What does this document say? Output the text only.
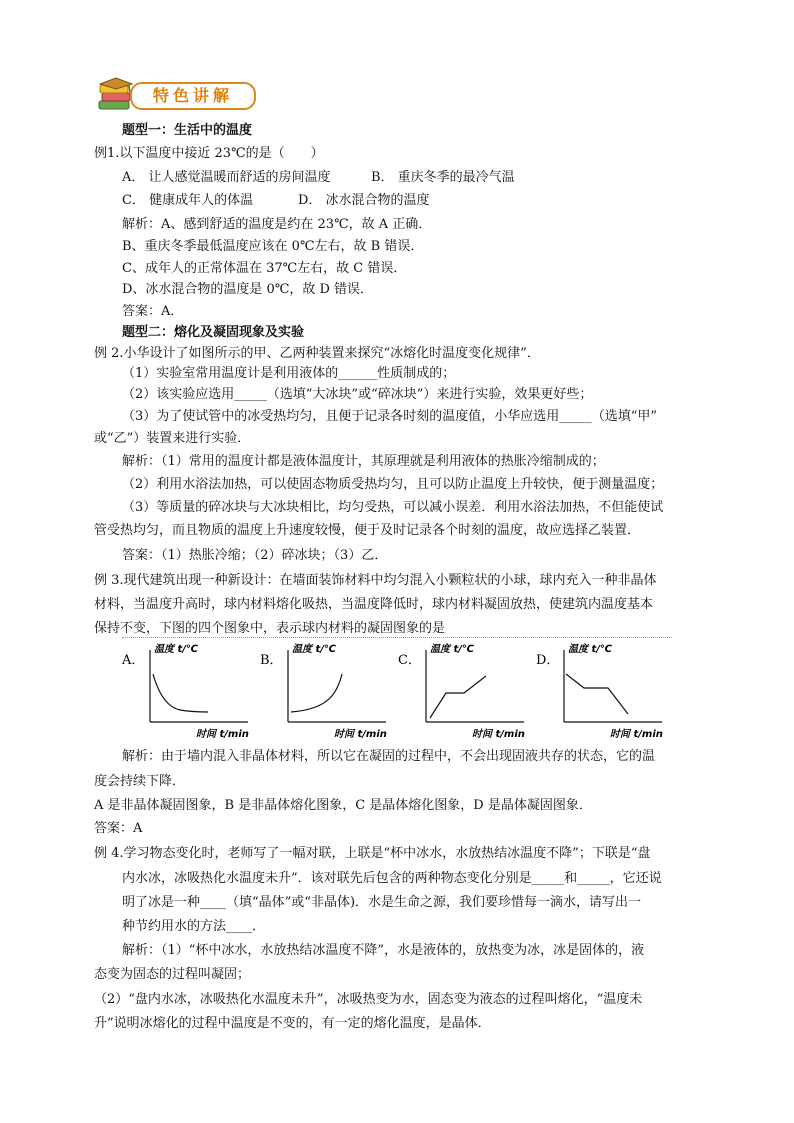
特色讲解
题型一：生活中的温度
例1.以下温度中接近 23℃的是（　　）
A． 让人感觉温暖而舒适的房间温度	B． 重庆冬季的最冷气温
C． 健康成年人的体温	D． 冰水混合物的温度
解析：A、感到舒适的温度是约在 23℃，故 A 正确．
B、重庆冬季最低温度应该在 0℃左右，故 B 错误．
C、成年人的正常体温在 37℃左右，故 C 错误．
D、冰水混合物的温度是 0℃，故 D 错误．
答案：A．
题型二：熔化及凝固现象及实验
例 2.小华设计了如图所示的甲、乙两种装置来探究“冰熔化时温度变化规律”．
（1）实验室常用温度计是利用液体的______性质制成的；
（2）该实验应选用_____（选填“大冰块”或“碎冰块”）来进行实验，效果更好些；
（3）为了使试管中的冰受热均匀，且便于记录各时刻的温度值，小华应选用_____（选填“甲”
或“乙”）装置来进行实验．
解析：（1）常用的温度计都是液体温度计，其原理就是利用液体的热胀冷缩制成的；
（2）利用水浴法加热，可以使固态物质受热均匀，且可以防止温度上升较快，便于测量温度；
（3）等质量的碎冰块与大冰块相比，均匀受热，可以减小误差．利用水浴法加热，不但能使试
管受热均匀，而且物质的温度上升速度较慢，便于及时记录各个时刻的温度，故应选择乙装置．
答案：（1）热胀冷缩；（2）碎冰块；（3）乙．
例 3.现代建筑出现一种新设计：在墙面装饰材料中均匀混入小颗粒状的小球，球内充入一种非晶体
材料，当温度升高时，球内材料熔化吸热，当温度降低时，球内材料凝固放热，使建筑内温度基本
保持不变，下图的四个图象中，表示球内材料的凝固图象的是
A．
温度 t/℃
时间 t/min
B．
温度 t/℃
时间 t/min
C．
温度 t/℃
时间 t/min
D．
温度 t/℃
时间 t/min
解析：由于墙内混入非晶体材料，所以它在凝固的过程中，不会出现固液共存的状态，它的温
度会持续下降．
A 是非晶体凝固图象，B 是非晶体熔化图象，C 是晶体熔化图象，D 是晶体凝固图象．
答案：A
例 4.学习物态变化时，老师写了一幅对联，上联是“杯中冰水，水放热结冰温度不降”；下联是“盘
内水冰，冰吸热化水温度未升”．该对联先后包含的两种物态变化分别是_____和_____，它还说
明了冰是一种____（填“晶体”或“非晶体)．水是生命之源，我们要珍惜每一滴水，请写出一
种节约用水的方法____．
解析：（1）“杯中冰水，水放热结冰温度不降”，水是液体的，放热变为冰，冰是固体的，液
态变为固态的过程叫凝固；
（2）“盘内水冰，冰吸热化水温度未升”，冰吸热变为水，固态变为液态的过程叫熔化，“温度未
升”说明冰熔化的过程中温度是不变的，有一定的熔化温度，是晶体．
